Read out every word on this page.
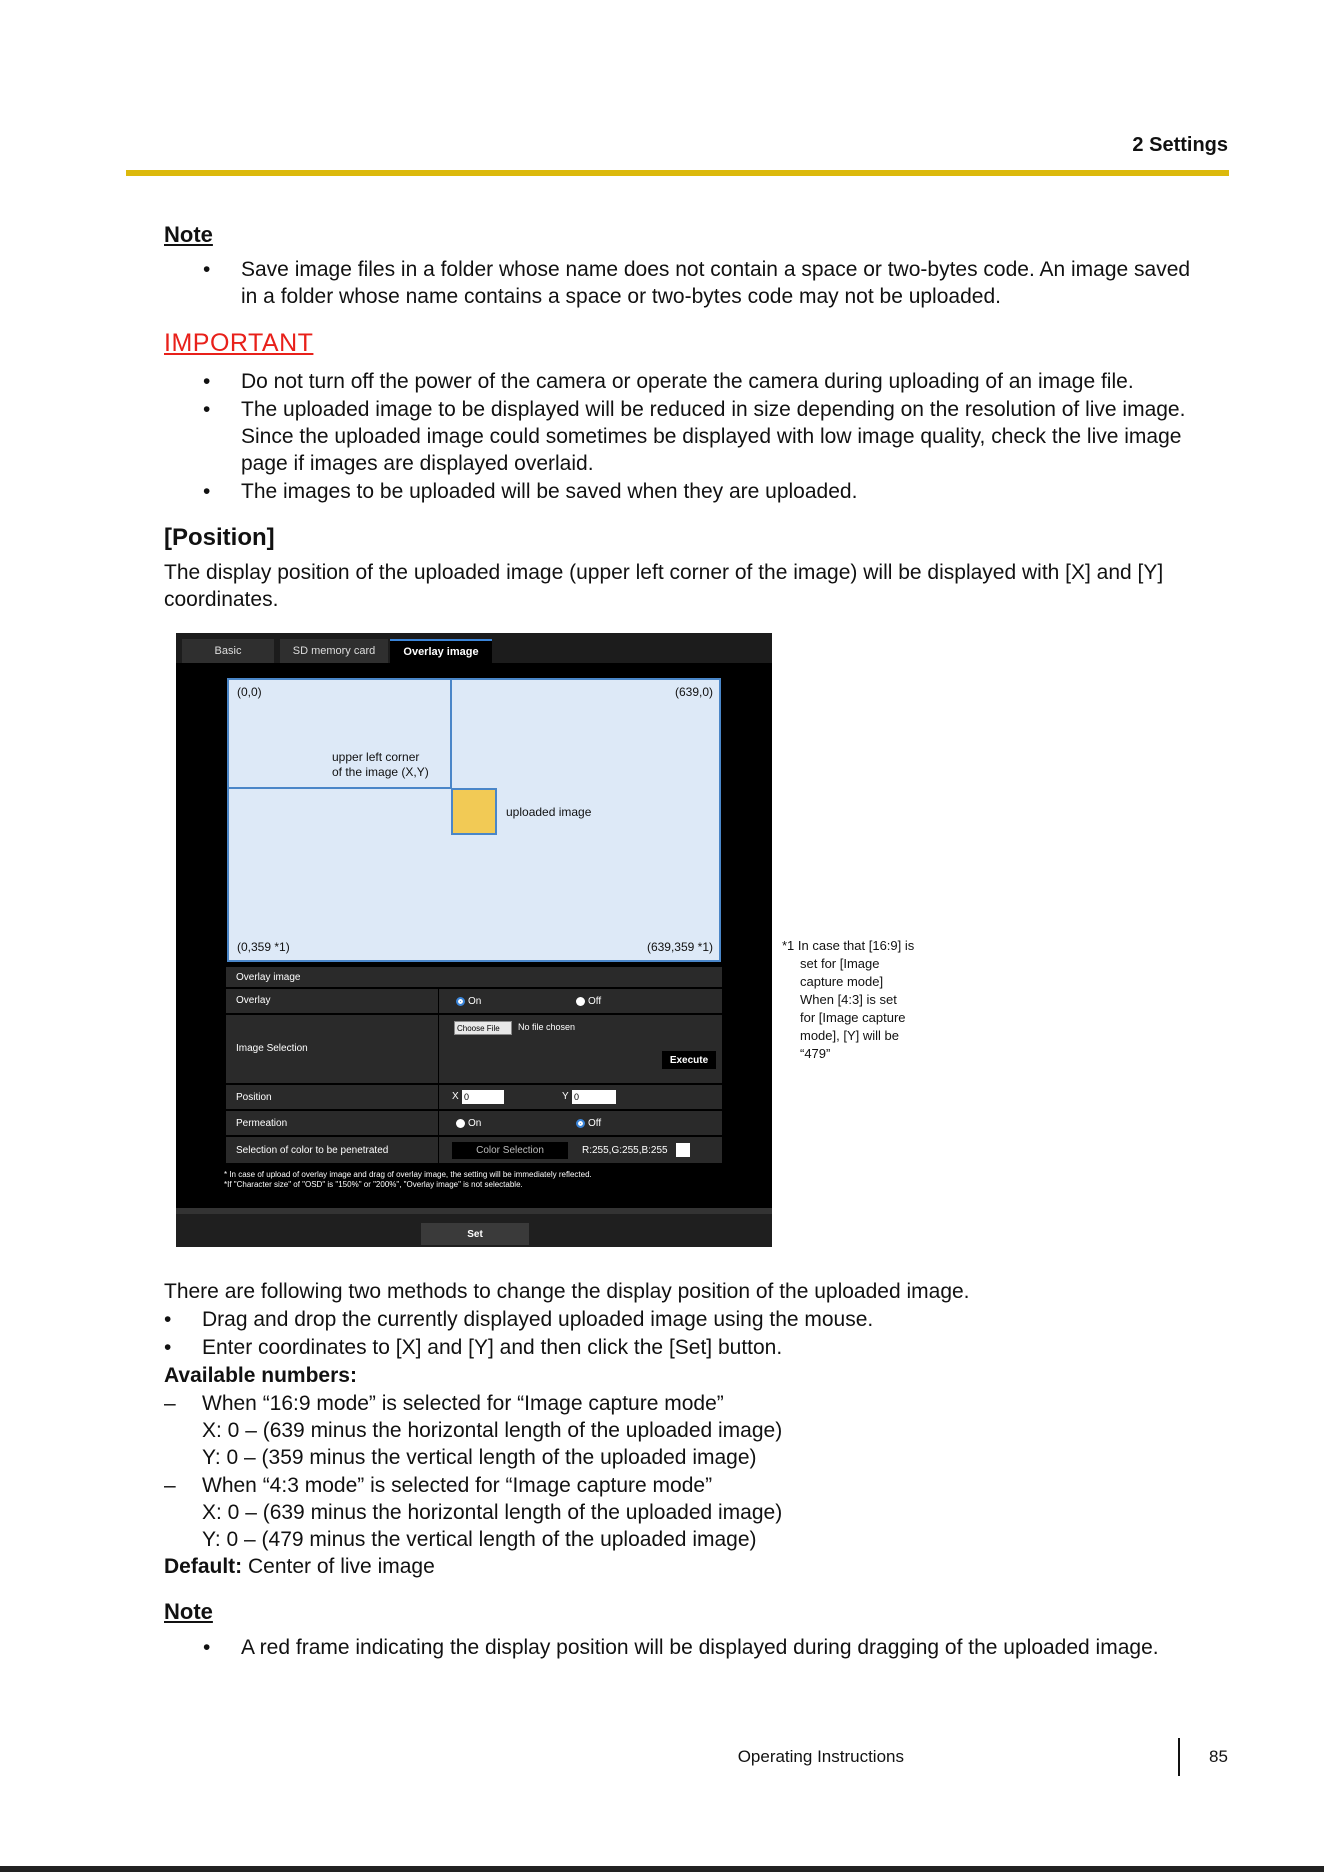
2 Settings
Note
• Save image files in a folder whose name does not contain a space or two-bytes code. An image saved
in a folder whose name contains a space or two-bytes code may not be uploaded.
IMPORTANT
• Do not turn off the power of the camera or operate the camera during uploading of an image file.
• The uploaded image to be displayed will be reduced in size depending on the resolution of live image.
Since the uploaded image could sometimes be displayed with low image quality, check the live image
page if images are displayed overlaid.
• The images to be uploaded will be saved when they are uploaded.
[Position]
The display position of the uploaded image (upper left corner of the image) will be displayed with [X] and [Y]
coordinates.
Basic	SD memory card	Overlay image
(0,0)	(639,0)
(0,359 *1)	(639,359 *1)
upper left corner
of the image (X,Y)
uploaded image
Overlay image
Overlay	On	Off
Image Selection
Choose File	No file chosen
Execute
Position	X 0	Y 0
Permeation	On	Off
Selection of color to be penetrated	Color Selection	R:255,G:255,B:255
* In case of upload of overlay image and drag of overlay image, the setting will be immediately reflected.
*If "Character size" of "OSD" is "150%" or "200%", "Overlay image" is not selectable.
Set
*1 In case that [16:9] is
set for [Image
capture mode]
When [4:3] is set
for [Image capture
mode], [Y] will be
“479”
There are following two methods to change the display position of the uploaded image.
• Drag and drop the currently displayed uploaded image using the mouse.
• Enter coordinates to [X] and [Y] and then click the [Set] button.
Available numbers:
– When “16:9 mode” is selected for “Image capture mode”
X: 0 – (639 minus the horizontal length of the uploaded image)
Y: 0 – (359 minus the vertical length of the uploaded image)
– When “4:3 mode” is selected for “Image capture mode”
X: 0 – (639 minus the horizontal length of the uploaded image)
Y: 0 – (479 minus the vertical length of the uploaded image)
Default: Center of live image
Note
• A red frame indicating the display position will be displayed during dragging of the uploaded image.
Operating Instructions	85
